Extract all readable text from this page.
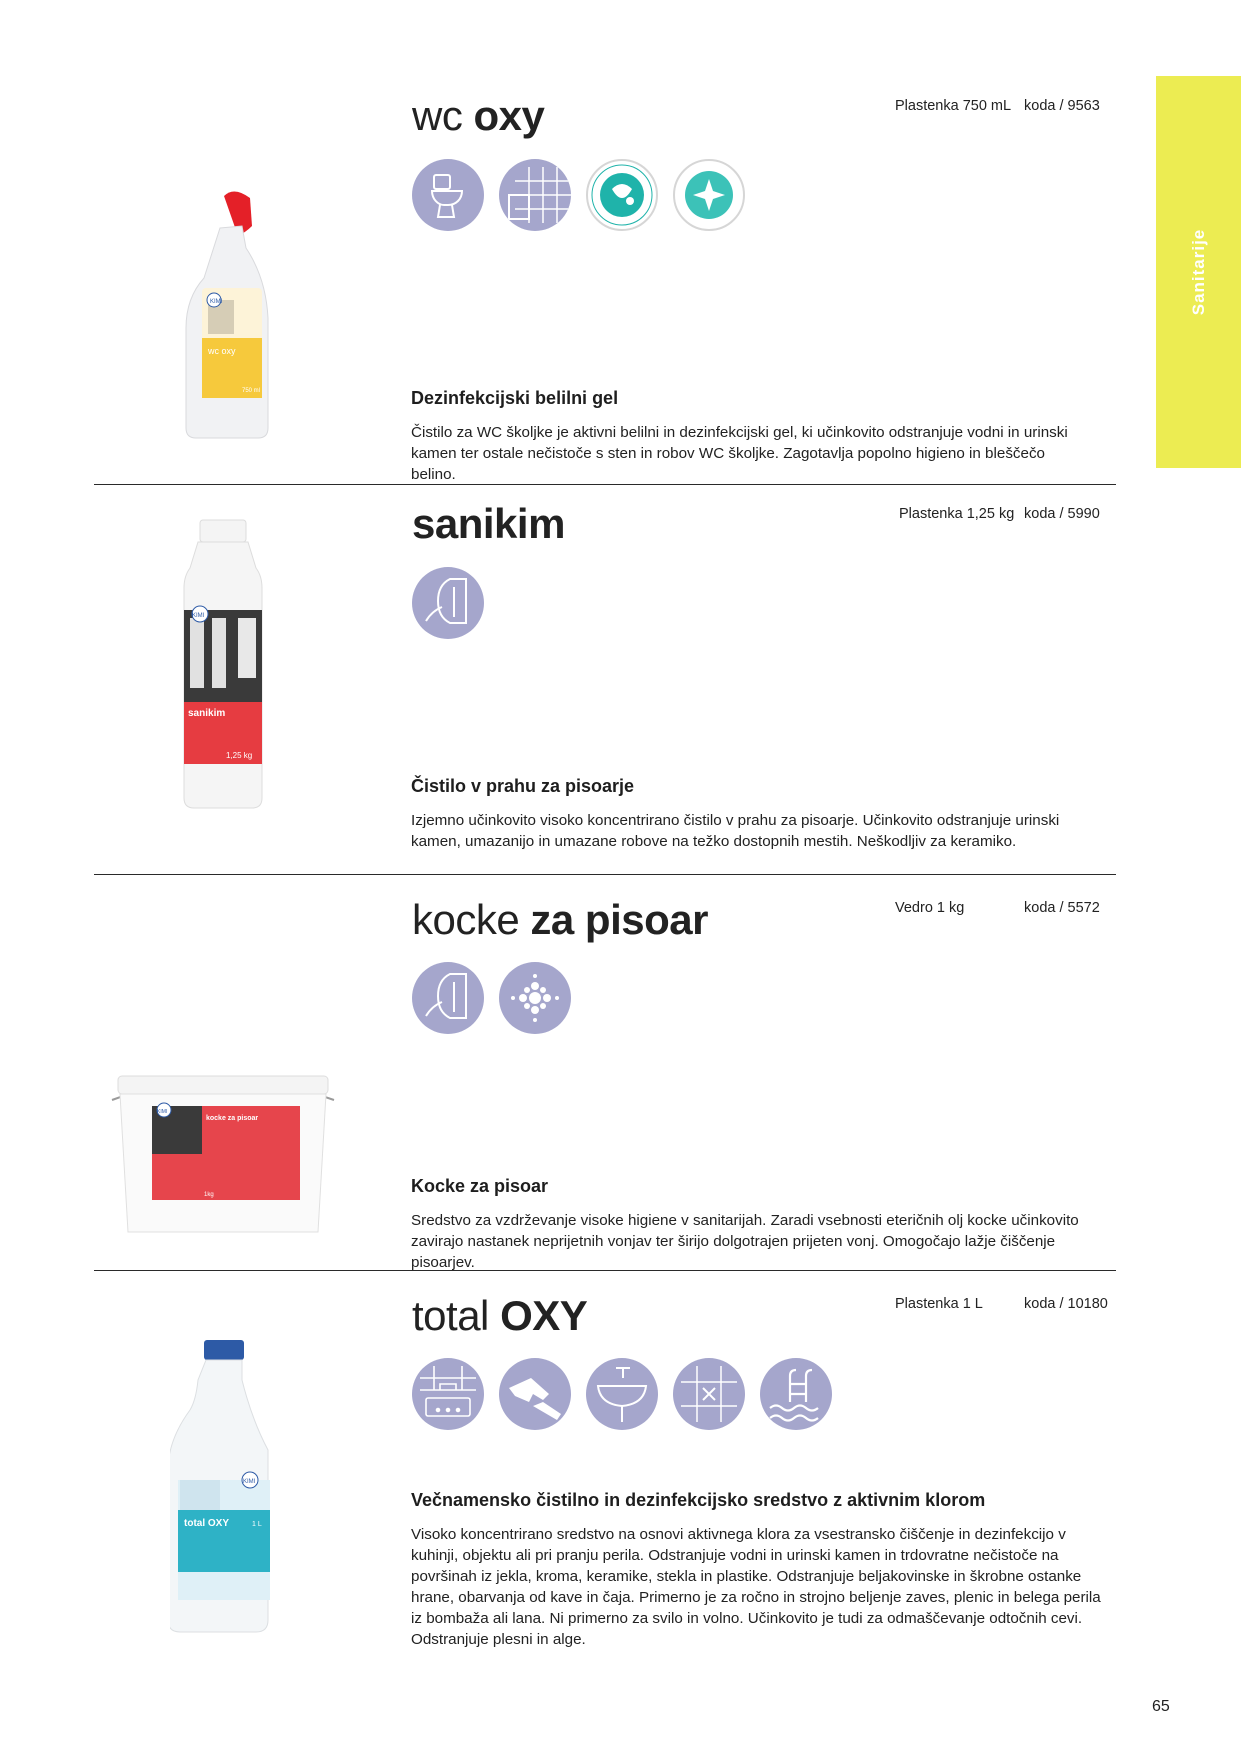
Sanitarije
wc oxy	Plastenka 750 mL koda / 9563
KIMI
wc oxy
750 ml	Dezinfekcijski belilni gel

Čistilo za WC školjke je aktivni belilni in dezinfekcijski gel, ki učinkovito odstranjuje vodni in urinski kamen ter ostale nečistoče s sten in robov WC školjke. Zagotavlja popolno higieno in bleščečo belino.

sanikim	Plastenka 1,25 kg koda / 5990
KIMI
sanikim
1,25 kg
Čistilo v prahu za pisoarje

Izjemno učinkovito visoko koncentrirano čistilo v prahu za pisoarje. Učinkovito odstranjuje urinski kamen, umazanijo in umazane robove na težko dostopnih mestih. Neškodljiv za keramiko.

kocke za pisoar	Vedro 1 kg	koda / 5572
KIMI
kocke za pisoar
1kg	Kocke za pisoar

Sredstvo za vzdrževanje visoke higiene v sanitarijah. Zaradi vsebnosti eteričnih olj kocke učinkovito zavirajo nastanek neprijetnih vonjav ter širijo dolgotrajen prijeten vonj. Omogočajo lažje čiščenje pisoarjev.

total OXY	Plastenka 1 L	koda / 10180
KIMI
total OXY	1 L
Večnamensko čistilno in dezinfekcijsko sredstvo z aktivnim klorom

Visoko koncentrirano sredstvo na osnovi aktivnega klora za vsestransko čiščenje in dezinfekcijo v kuhinji, objektu ali pri pranju perila. Odstranjuje vodni in urinski kamen in trdovratne nečistoče na površinah iz jekla, kroma, keramike, stekla in plastike. Odstranjuje beljakovinske in škrobne ostanke hrane, obarvanja od kave in čaja. Primerno je za ročno in strojno beljenje zaves, plenic in belega perila iz bombaža ali lana. Ni primerno za svilo in volno. Učinkovito je tudi za odmaščevanje odtočnih cevi. Odstranjuje plesni in alge.

65
